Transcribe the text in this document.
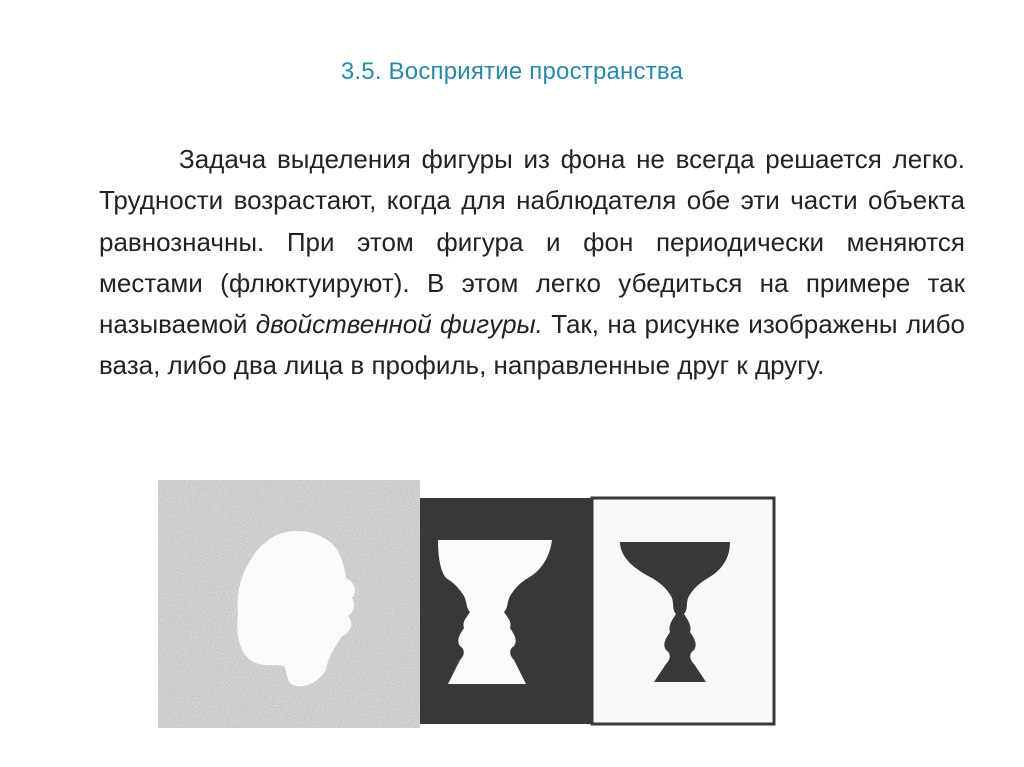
3.5. Восприятие пространства

Задача выделения фигуры из фона не всегда решается легко. Трудности возрастают, когда для наблюдателя обе эти части объекта равнозначны. При этом фигура и фон периодически меняются местами (флюктуируют). В этом легко убедиться на примере так называемой двойственной фигуры. Так, на рисунке изображены либо ваза, либо два лица в профиль, направленные друг к другу.
